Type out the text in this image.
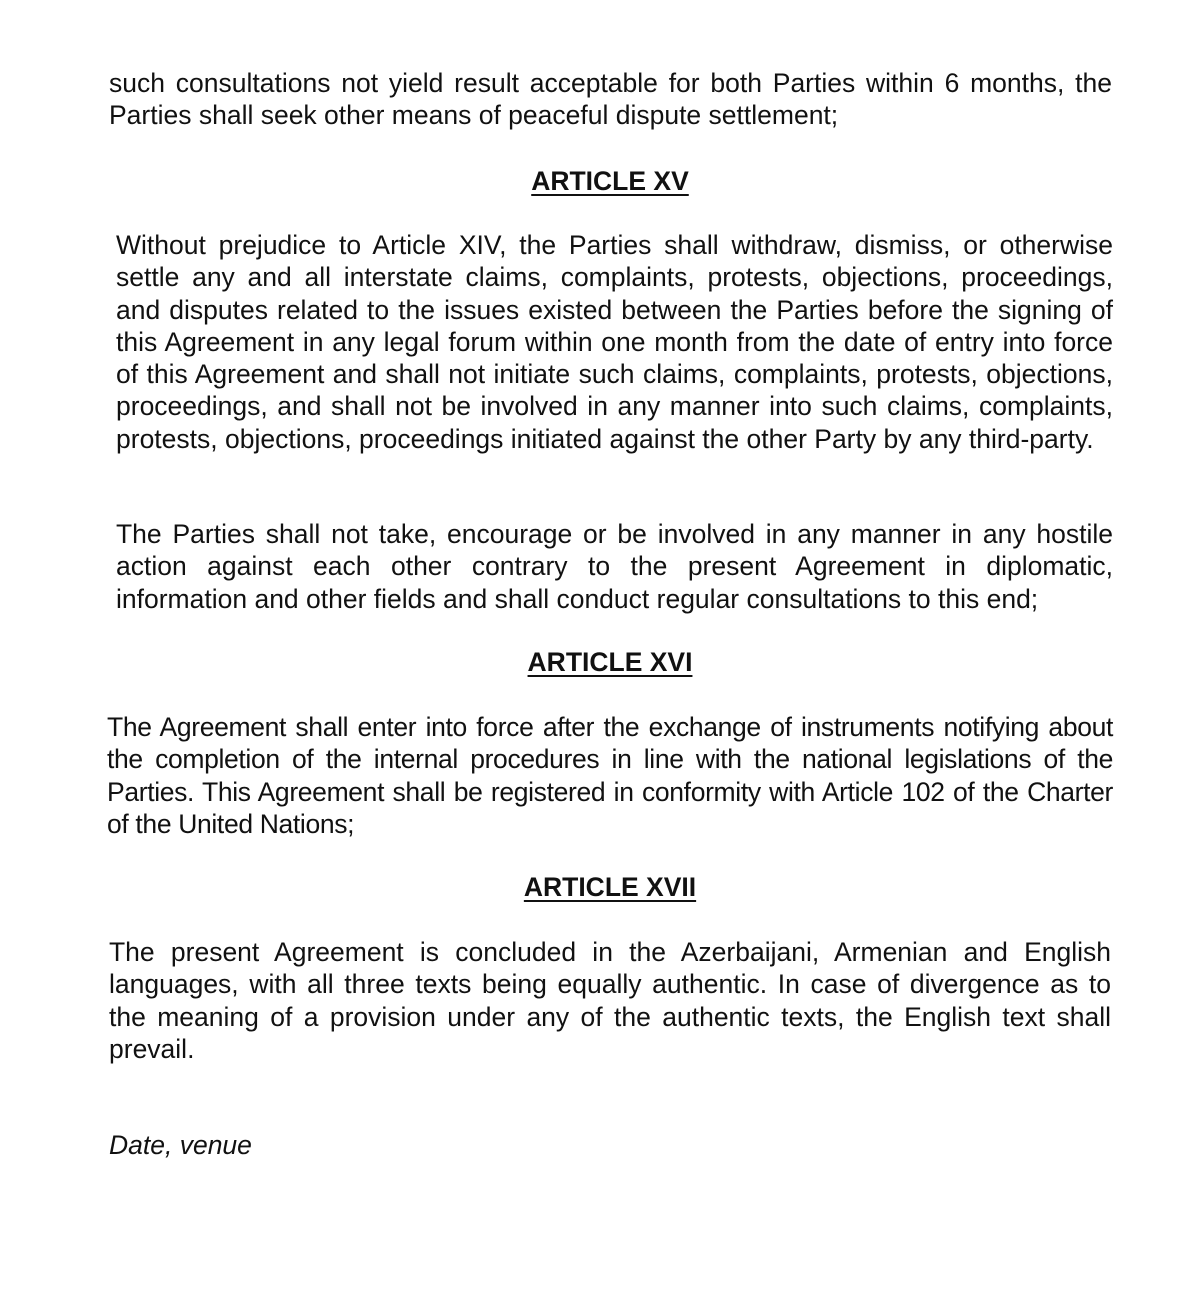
such consultations not yield result acceptable for both Parties within 6 months, the Parties shall seek other means of peaceful dispute settlement;

ARTICLE XV

Without prejudice to Article XIV, the Parties shall withdraw, dismiss, or otherwise settle any and all interstate claims, complaints, protests, objections, proceedings, and disputes related to the issues existed between the Parties before the signing of this Agreement in any legal forum within one month from the date of entry into force of this Agreement and shall not initiate such claims, complaints, protests, objections, proceedings, and shall not be involved in any manner into such claims, complaints, protests, objections, proceedings initiated against the other Party by any third-party.

The Parties shall not take, encourage or be involved in any manner in any hostile action against each other contrary to the present Agreement in diplomatic, information and other fields and shall conduct regular consultations to this end;

ARTICLE XVI

The Agreement shall enter into force after the exchange of instruments notifying about the completion of the internal procedures in line with the national legislations of the Parties. This Agreement shall be registered in conformity with Article 102 of the Charter of the United Nations;

ARTICLE XVII

The present Agreement is concluded in the Azerbaijani, Armenian and English languages, with all three texts being equally authentic. In case of divergence as to the meaning of a provision under any of the authentic texts, the English text shall prevail.

Date, venue
